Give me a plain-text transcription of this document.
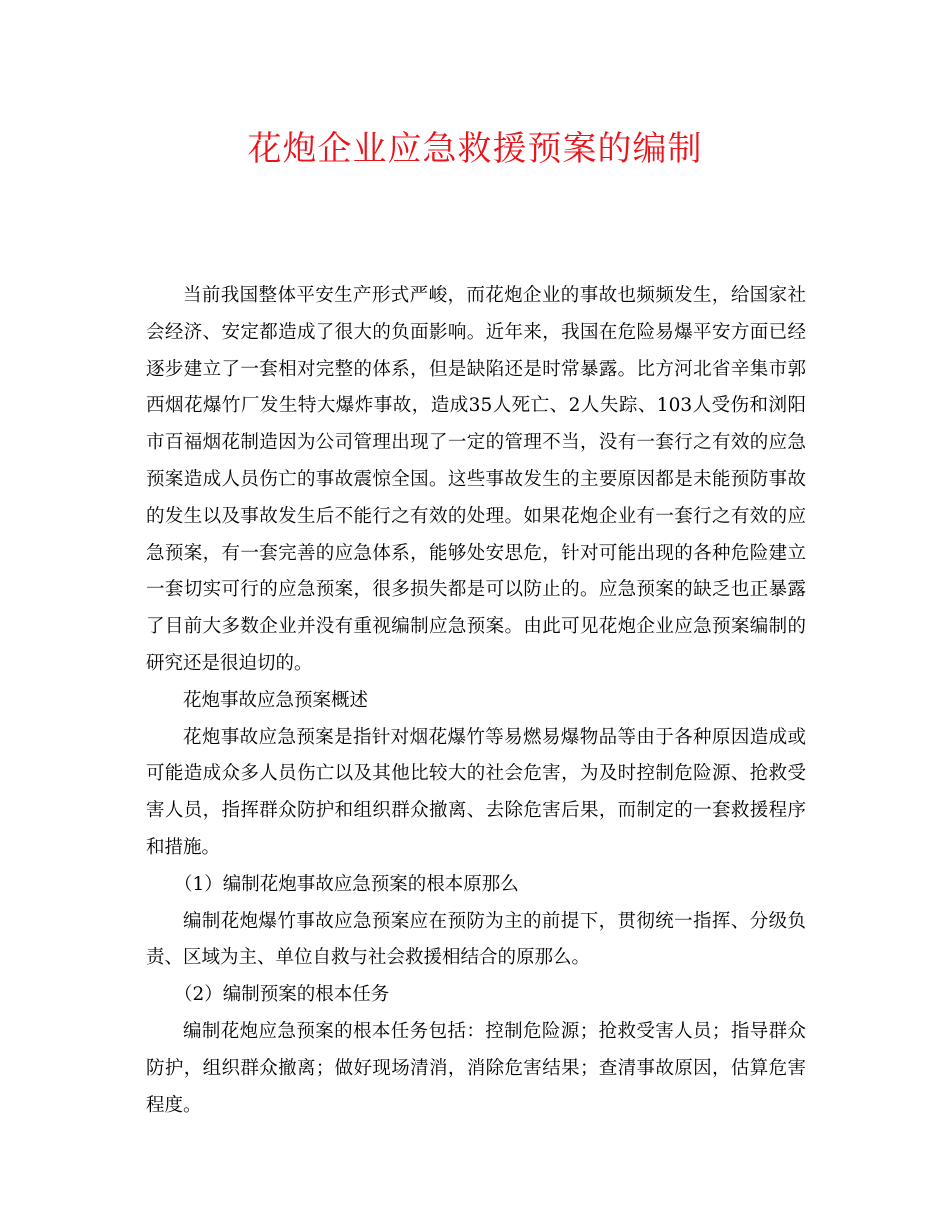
花炮企业应急救援预案的编制

当前我国整体平安生产形式严峻，而花炮企业的事故也频频发生，给国家社会经济、安定都造成了很大的负面影响。近年来，我国在危险易爆平安方面已经逐步建立了一套相对完整的体系，但是缺陷还是时常暴露。比方河北省辛集市郭西烟花爆竹厂发生特大爆炸事故，造成35人死亡、2人失踪、103人受伤和浏阳市百福烟花制造因为公司管理出现了一定的管理不当，没有一套行之有效的应急预案造成人员伤亡的事故震惊全国。这些事故发生的主要原因都是未能预防事故的发生以及事故发生后不能行之有效的处理。如果花炮企业有一套行之有效的应急预案，有一套完善的应急体系，能够处安思危，针对可能出现的各种危险建立一套切实可行的应急预案，很多损失都是可以防止的。应急预案的缺乏也正暴露了目前大多数企业并没有重视编制应急预案。由此可见花炮企业应急预案编制的研究还是很迫切的。

花炮事故应急预案概述

花炮事故应急预案是指针对烟花爆竹等易燃易爆物品等由于各种原因造成或可能造成众多人员伤亡以及其他比较大的社会危害，为及时控制危险源、抢救受害人员，指挥群众防护和组织群众撤离、去除危害后果，而制定的一套救援程序和措施。

（1）编制花炮事故应急预案的根本原那么

编制花炮爆竹事故应急预案应在预防为主的前提下，贯彻统一指挥、分级负责、区域为主、单位自救与社会救援相结合的原那么。

（2）编制预案的根本任务

编制花炮应急预案的根本任务包括：控制危险源；抢救受害人员；指导群众防护，组织群众撤离；做好现场清消，消除危害结果；查清事故原因，估算危害程度。
